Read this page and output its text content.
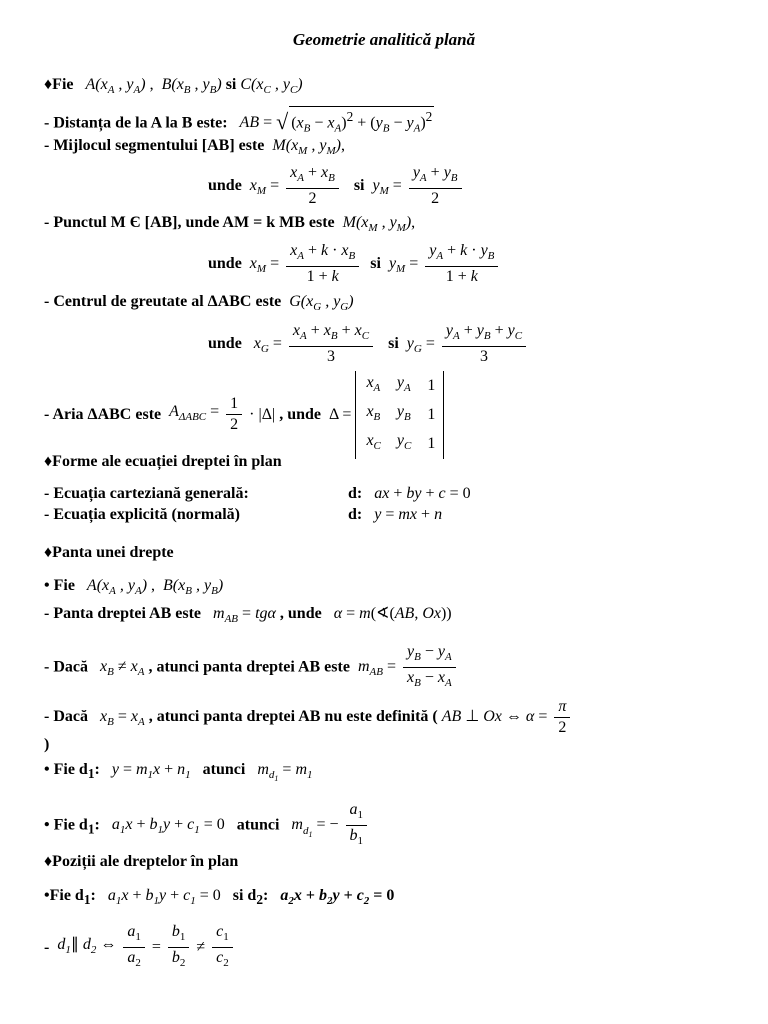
Geometrie analitică plană
♦Fie   $A(x_A$ , $y_A$) ,  $B(x_B$ , $y_B$) si $C(x_C$ , $y_C$)
- Distanța de la A la B este:   AB = √ $(x_B - x_A)^2 + (y_B - y_A)^2$
- Mijlocul segmentului [AB] este  $M(x_M$ , $y_M$),
unde  $x_M = \frac{x_A + x_B}{2}$ si  $y_M = \frac{y_A + y_B}{2}$
- Punctul M Є [AB], unde AM = k MB este  $M(x_M$ , $y_M$),
unde  $x_M = \frac{x_A + k \cdot x_B}{1 + k}$ si  $y_M = \frac{y_A + k \cdot y_B}{1 + k}$
- Centrul de greutate al ΔABC este  $G(x_G$ , $y_G$)
unde   $x_G = \frac{x_A + x_B + x_C}{3}$ si  $y_G = \frac{y_A + y_B + y_C}{3}$
- Aria ΔABC este  $A_{\Delta ABC} = \frac{1}{2} \cdot |\Delta|$ , unde Δ =
$x_A$	$y_A$	1
$x_B$	$y_B$	1
$x_C$	$y_C$	1
♦Forme ale ecuației dreptei în plan
- Ecuația carteziană generală:	d:   ax + by + c = 0
- Ecuația explicită (normală)	d:   y = mx + n
♦Panta unei drepte
• Fie   $A(x_A$ , $y_A$) ,  $B(x_B$ , $y_B$)
- Panta dreptei AB este   $m_{AB} = tg\alpha$ , unde   α = m(∢(AB, Ox))
- Dacă   $x_B \ne x_A$ , atunci panta dreptei AB este  $m_{AB} = \frac{y_B - y_A}{x_B - x_A}$
- Dacă   $x_B = x_A$ , atunci panta dreptei AB nu este definită ( AB ⊥ Ox ⇔ $\alpha = \frac{\pi}{2}$
)
• Fie $d_1$:   $y = m_1x + n_1$ atunci   $m_{d_1} = m_1$
• Fie $d_1$:   $a_1x + b_1y + c_1 = 0$ atunci   $m_{d_1}$ = − $\frac{a_1}{b_1}$
♦Poziții ale dreptelor în plan
•Fie $d_1$:   $a_1x + b_1y + c_1 = 0$ si $d_2$:   $a_2x + b_2y + c_2 = 0$
-  $d_1\parallel$ $d_2$ ⇔ $\frac{a_1}{a_2} = \frac{b_1}{b_2} \ne \frac{c_1}{c_2}$
